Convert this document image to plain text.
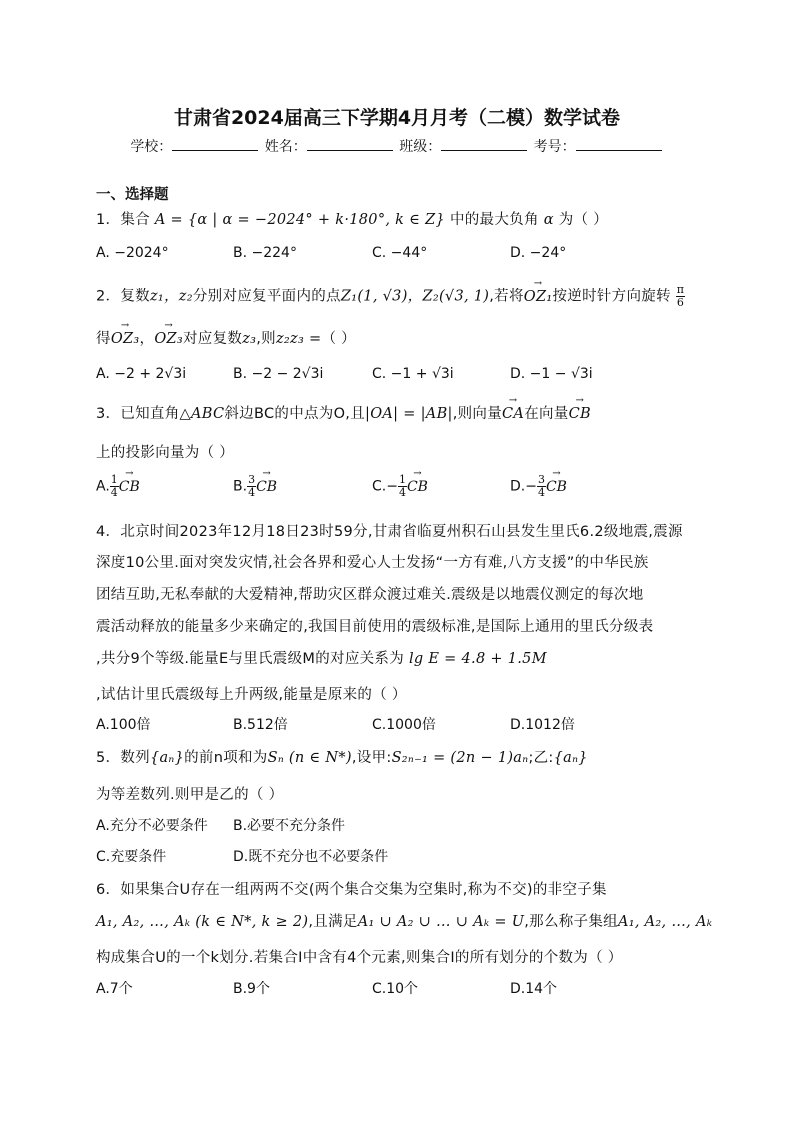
甘肃省2024届高三下学期4月月考（二模）数学试卷
学校：	姓名：	班级：	考号：
一、选择题
1．集合 A = {α | α = −2024° + k·180°, k ∈ Z} 中的最大负角 α 为（ ）
A. −2024°	B. −224°	C. −44°	D. −24°
2．复数z₁，z₂分别对应复平面内的点Z₁(1, √3)，Z₂(√3, 1),若将→ OZ₁按逆时针方向旋转 $\frac{\pi}{6}$
得→ OZ₃，→ OZ₃对应复数z₃,则z₂z₃ =（ ）
A. −2 + 2√3i	B. −2 − 2√3i	C. −1 + √3i	D. −1 − √3i
3．已知直角△ABC斜边BC的中点为O,且|OA| = |AB|,则向量→ CA在向量→ CB
上的投影向量为（ ）
A. $\frac{1}{4}$ → CB	B. $\frac{3}{4}$ → CB	$C.- \frac{1}{4}$ → CB	$D.- \frac{3}{4}$ → CB
4．北京时间2023年12月18日23时59分,甘肃省临夏州积石山县发生里氏6.2级地震,震源
深度10公里.面对突发灾情,社会各界和爱心人士发扬“一方有难,八方支援”的中华民族
团结互助,无私奉献的大爱精神,帮助灾区群众渡过难关.震级是以地震仪测定的每次地
震活动释放的能量多少来确定的,我国目前使用的震级标准,是国际上通用的里氏分级表
,共分9个等级.能量E与里氏震级M的对应关系为 lg E = 4.8 + 1.5M
,试估计里氏震级每上升两级,能量是原来的（ ）
A.100倍	B.512倍	C.1000倍	D.1012倍
5．数列{aₙ}的前n项和为Sₙ (n ∈ N*),设甲:S₂ₙ₋₁ = (2n − 1)aₙ;乙:{aₙ}
为等差数列.则甲是乙的（ ）
A.充分不必要条件 B.必要不充分条件
C.充要条件	D.既不充分也不必要条件
6．如果集合U存在一组两两不交(两个集合交集为空集时,称为不交)的非空子集
A₁, A₂, …, Aₖ (k ∈ N*, k ≥ 2),且满足A₁ ∪ A₂ ∪ … ∪ Aₖ = U,那么称子集组A₁, A₂, …, Aₖ
构成集合U的一个k划分.若集合I中含有4个元素,则集合I的所有划分的个数为（ ）
A.7个	B.9个	C.10个	D.14个
